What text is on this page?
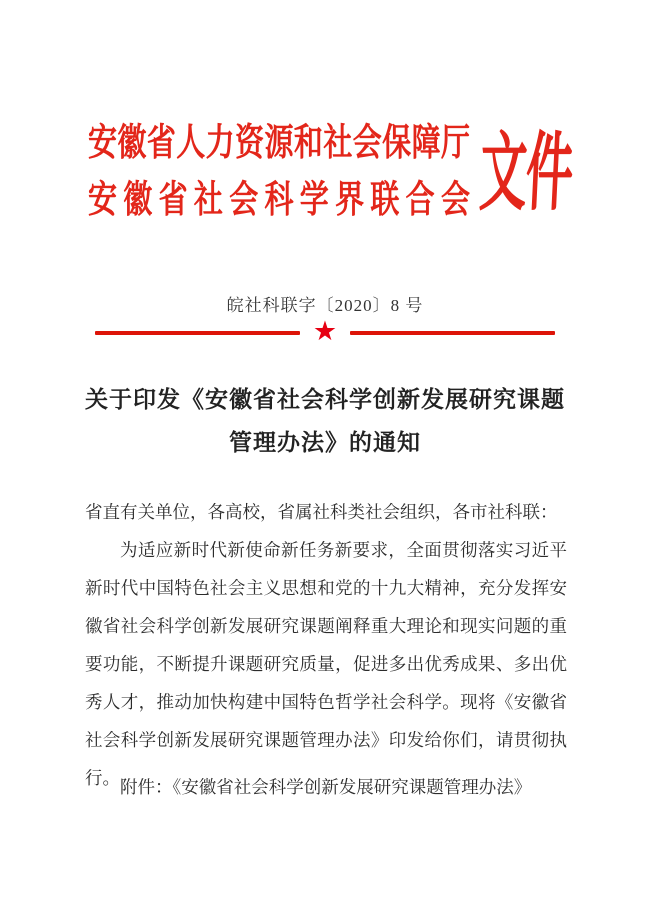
安徽省人力资源和社会保障厅
安徽省社会科学界联合会 文件
皖社科联字〔2020〕8 号
★
关于印发《安徽省社会科学创新发展研究课题
管理办法》的通知

省直有关单位，各高校，省属社科类社会组织，各市社科联：

为适应新时代新使命新任务新要求，全面贯彻落实习近平新时代中国特色社会主义思想和党的十九大精神，充分发挥安徽省社会科学创新发展研究课题阐释重大理论和现实问题的重要功能，不断提升课题研究质量，促进多出优秀成果、多出优秀人才，推动加快构建中国特色哲学社会科学。现将《安徽省社会科学创新发展研究课题管理办法》印发给你们，请贯彻执行。 附件：《安徽省社会科学创新发展研究课题管理办法》
